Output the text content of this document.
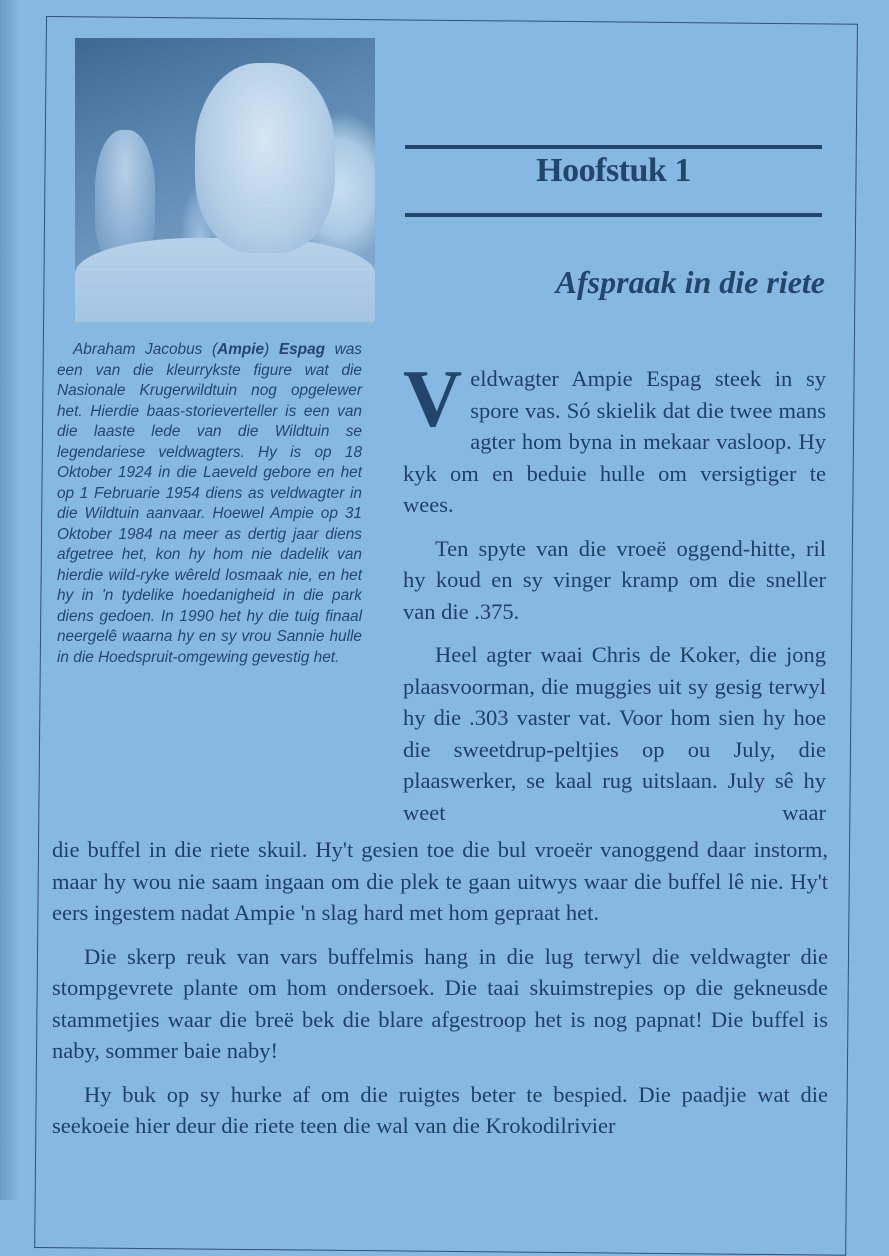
Abraham Jacobus (Ampie) Espag was een van die kleurrykste figure wat die Nasionale Krugerwildtuin nog opgelewer het. Hierdie baas-storieverteller is een van die laaste lede van die Wildtuin se legendariese veldwagters. Hy is op 18 Oktober 1924 in die Laeveld gebore en het op 1 Februarie 1954 diens as veldwagter in die Wildtuin aanvaar. Hoewel Ampie op 31 Oktober 1984 na meer as dertig jaar diens afgetree het, kon hy hom nie dadelik van hierdie wild-ryke wêreld losmaak nie, en het hy in 'n tydelike hoedanigheid in die park diens gedoen. In 1990 het hy die tuig finaal neergelê waarna hy en sy vrou Sannie hulle in die Hoedspruit-omgewing gevestig het.
Hoofstuk 1
Afspraak in die riete

Veldwagter Ampie Espag steek in sy spore vas. Só skielik dat die twee mans agter hom byna in mekaar vasloop. Hy kyk om en beduie hulle om versigtiger te wees.

Ten spyte van die vroeë oggend-hitte, ril hy koud en sy vinger kramp om die sneller van die .375.

Heel agter waai Chris de Koker, die jong plaasvoorman, die muggies uit sy gesig terwyl hy die .303 vaster vat. Voor hom sien hy hoe die sweetdrup-peltjies op ou July, die plaaswerker, se kaal rug uitslaan. July sê hy weet waar

die buffel in die riete skuil. Hy't gesien toe die bul vroeër vanoggend daar instorm, maar hy wou nie saam ingaan om die plek te gaan uitwys waar die buffel lê nie. Hy't eers ingestem nadat Ampie 'n slag hard met hom gepraat het.

Die skerp reuk van vars buffelmis hang in die lug terwyl die veldwagter die stompgevrete plante om hom ondersoek. Die taai skuimstrepies op die gekneusde stammetjies waar die breë bek die blare afgestroop het is nog papnat! Die buffel is naby, sommer baie naby!

Hy buk op sy hurke af om die ruigtes beter te bespied. Die paadjie wat die seekoeie hier deur die riete teen die wal van die Krokodilrivier
